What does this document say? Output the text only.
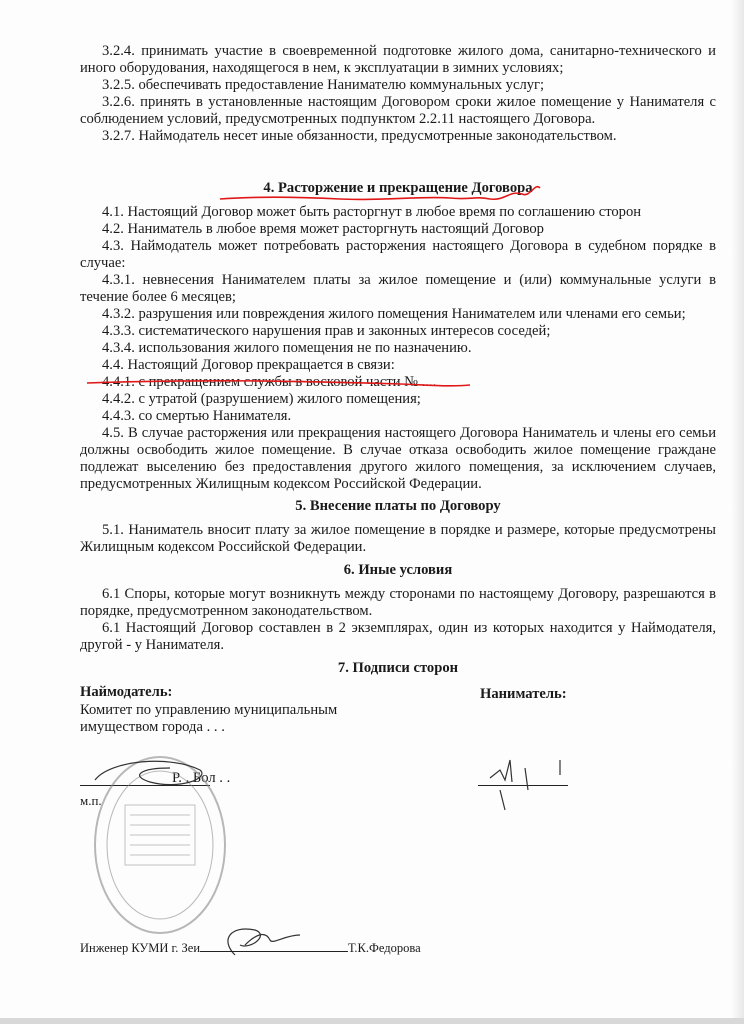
3.2.4. принимать участие в своевременной подготовке жилого дома, санитарно-технического и иного оборудования, находящегося в нем, к эксплуатации в зимних условиях;

3.2.5. обеспечивать предоставление Нанимателю коммунальных услуг;

3.2.6. принять в установленные настоящим Договором сроки жилое помещение у Нанимателя с соблюдением условий, предусмотренных подпунктом 2.2.11 настоящего Договора.

3.2.7. Наймодатель несет иные обязанности, предусмотренные законодательством.

4. Расторжение и прекращение Договора

4.1. Настоящий Договор может быть расторгнут в любое время по соглашению сторон

4.2. Наниматель в любое время может расторгнуть настоящий Договор

4.3. Наймодатель может потребовать расторжения настоящего Договора в судебном порядке в случае:

4.3.1. невнесения Нанимателем платы за жилое помещение и (или) коммунальные услуги в течение более 6 месяцев;

4.3.2. разрушения или повреждения жилого помещения Нанимателем или членами его семьи;

4.3.3. систематического нарушения прав и законных интересов соседей;

4.3.4. использования жилого помещения не по назначению.

4.4. Настоящий Договор прекращается в связи:

4.4.1. с прекращением службы в восковой части № ....

4.4.2. с утратой (разрушением) жилого помещения;

4.4.3. со смертью Нанимателя.

4.5. В случае расторжения или прекращения настоящего Договора Наниматель и члены его семьи должны освободить жилое помещение. В случае отказа освободить жилое помещение граждане подлежат выселению без предоставления другого жилого помещения, за исключением случаев, предусмотренных Жилищным кодексом Российской Федерации.

5. Внесение платы по Договору

5.1. Наниматель вносит плату за жилое помещение в порядке и размере, которые предусмотрены Жилищным кодексом Российской Федерации.

6. Иные условия

6.1 Споры, которые могут возникнуть между сторонами по настоящему Договору, разрешаются в порядке, предусмотренном законодательством.

6.1 Настоящий Договор составлен в 2 экземплярах, один из которых находится у Наймодателя, другой - у Нанимателя.

7. Подписи сторон
Наймодатель:	Наниматель:
Комитет по управлению муниципальным
имуществом города . . .
Р. . Бол . .
м.п.
Инженер КУМИ г. Зеи	Т.К.Федорова
